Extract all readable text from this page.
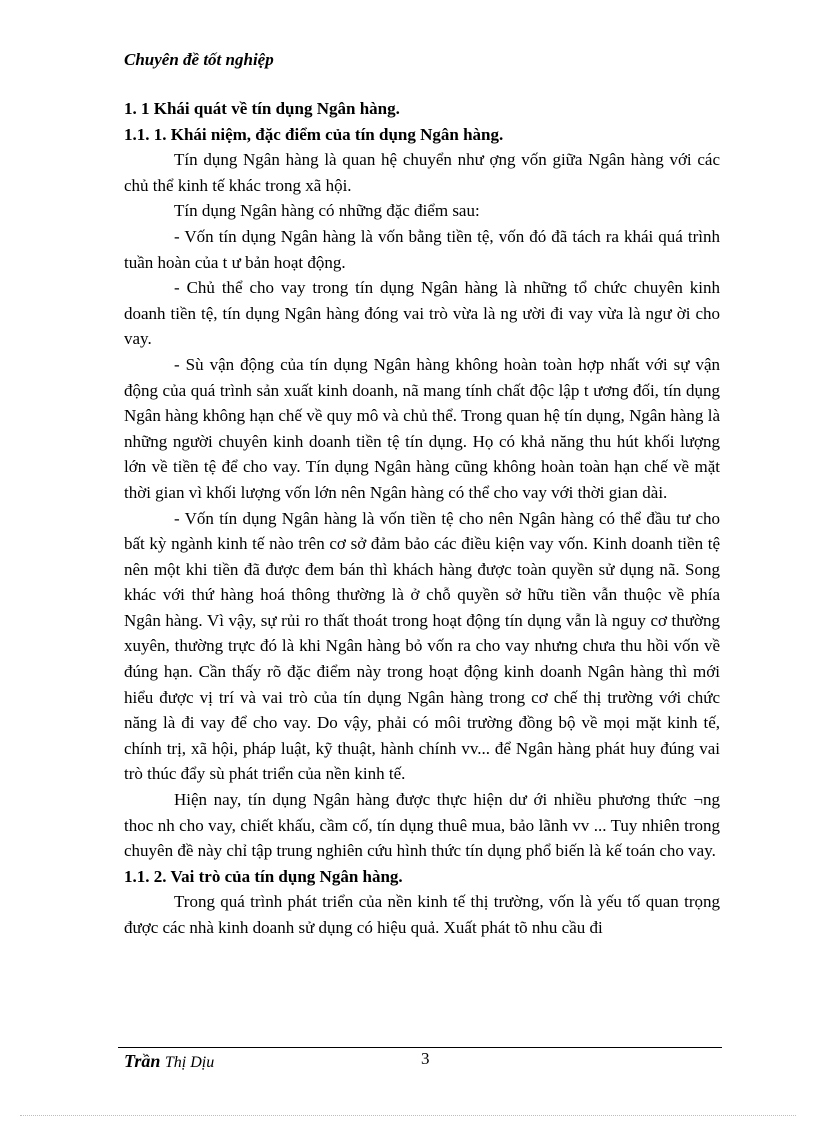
Chuyên đề tốt nghiệp

1. 1 Khái quát về tín dụng Ngân hàng.

1.1. 1. Khái niệm, đặc điểm của tín dụng Ngân hàng.

Tín dụng Ngân hàng là quan hệ chuyển như ợng vốn giữa Ngân hàng với các chủ thể kinh tế khác trong xã hội.

Tín dụng Ngân hàng có những đặc điểm sau:

- Vốn tín dụng Ngân hàng là vốn bằng tiền tệ, vốn đó đã tách ra khái quá trình tuần hoàn của t ư bản hoạt động.

- Chủ thể cho vay trong tín dụng Ngân hàng là những tổ chức chuyên kinh doanh tiền tệ, tín dụng Ngân hàng đóng vai trò vừa là ng ười đi vay vừa là ngư ời cho vay.

- Sù vận động của tín dụng Ngân hàng không hoàn toàn hợp nhất với sự vận động của quá trình sản xuất kinh doanh, nã mang tính chất độc lập t ương đối, tín dụng Ngân hàng không hạn chế về quy mô và chủ thể. Trong quan hệ tín dụng, Ngân hàng là những người chuyên kinh doanh tiền tệ tín dụng. Họ có khả năng thu hút khối lượng lớn về tiền tệ để cho vay. Tín dụng Ngân hàng cũng không hoàn toàn hạn chế về mặt thời gian vì khối lượng vốn lớn nên Ngân hàng có thể cho vay với thời gian dài.

- Vốn tín dụng Ngân hàng là vốn tiền tệ cho nên Ngân hàng có thể đầu tư cho bất kỳ ngành kinh tế nào trên cơ sở đảm bảo các điều kiện vay vốn. Kinh doanh tiền tệ nên một khi tiền đã được đem bán thì khách hàng được toàn quyền sử dụng nã. Song khác với thứ hàng hoá thông thường là ở chỗ quyền sở hữu tiền vẫn thuộc về phía Ngân hàng. Vì vậy, sự rủi ro thất thoát trong hoạt động tín dụng vẫn là nguy cơ thường xuyên, thường trực đó là khi Ngân hàng bỏ vốn ra cho vay nhưng chưa thu hồi vốn về đúng hạn. Cần thấy rõ đặc điểm này trong hoạt động kinh doanh Ngân hàng thì mới hiểu được vị trí và vai trò của tín dụng Ngân hàng trong cơ chế thị trường với chức năng là đi vay để cho vay. Do vậy, phải có môi trường đồng bộ về mọi mặt kinh tế, chính trị, xã hội, pháp luật, kỹ thuật, hành chính vv... để Ngân hàng phát huy đúng vai trò thúc đẩy sù phát triển của nền kinh tế.

Hiện nay, tín dụng Ngân hàng được thực hiện dư ới nhiều phương thức ¬ng thoc nh cho vay, chiết khấu, cầm cố, tín dụng thuê mua, bảo lãnh vv ... Tuy nhiên trong chuyên đề này chỉ tập trung nghiên cứu hình thức tín dụng phổ biến là kế toán cho vay.

1.1. 2. Vai trò của tín dụng Ngân hàng.

Trong quá trình phát triển của nền kinh tế thị trường, vốn là yếu tố quan trọng được các nhà kinh doanh sử dụng có hiệu quả. Xuất phát tõ nhu cầu đi

Trần Thị Dịu	3
